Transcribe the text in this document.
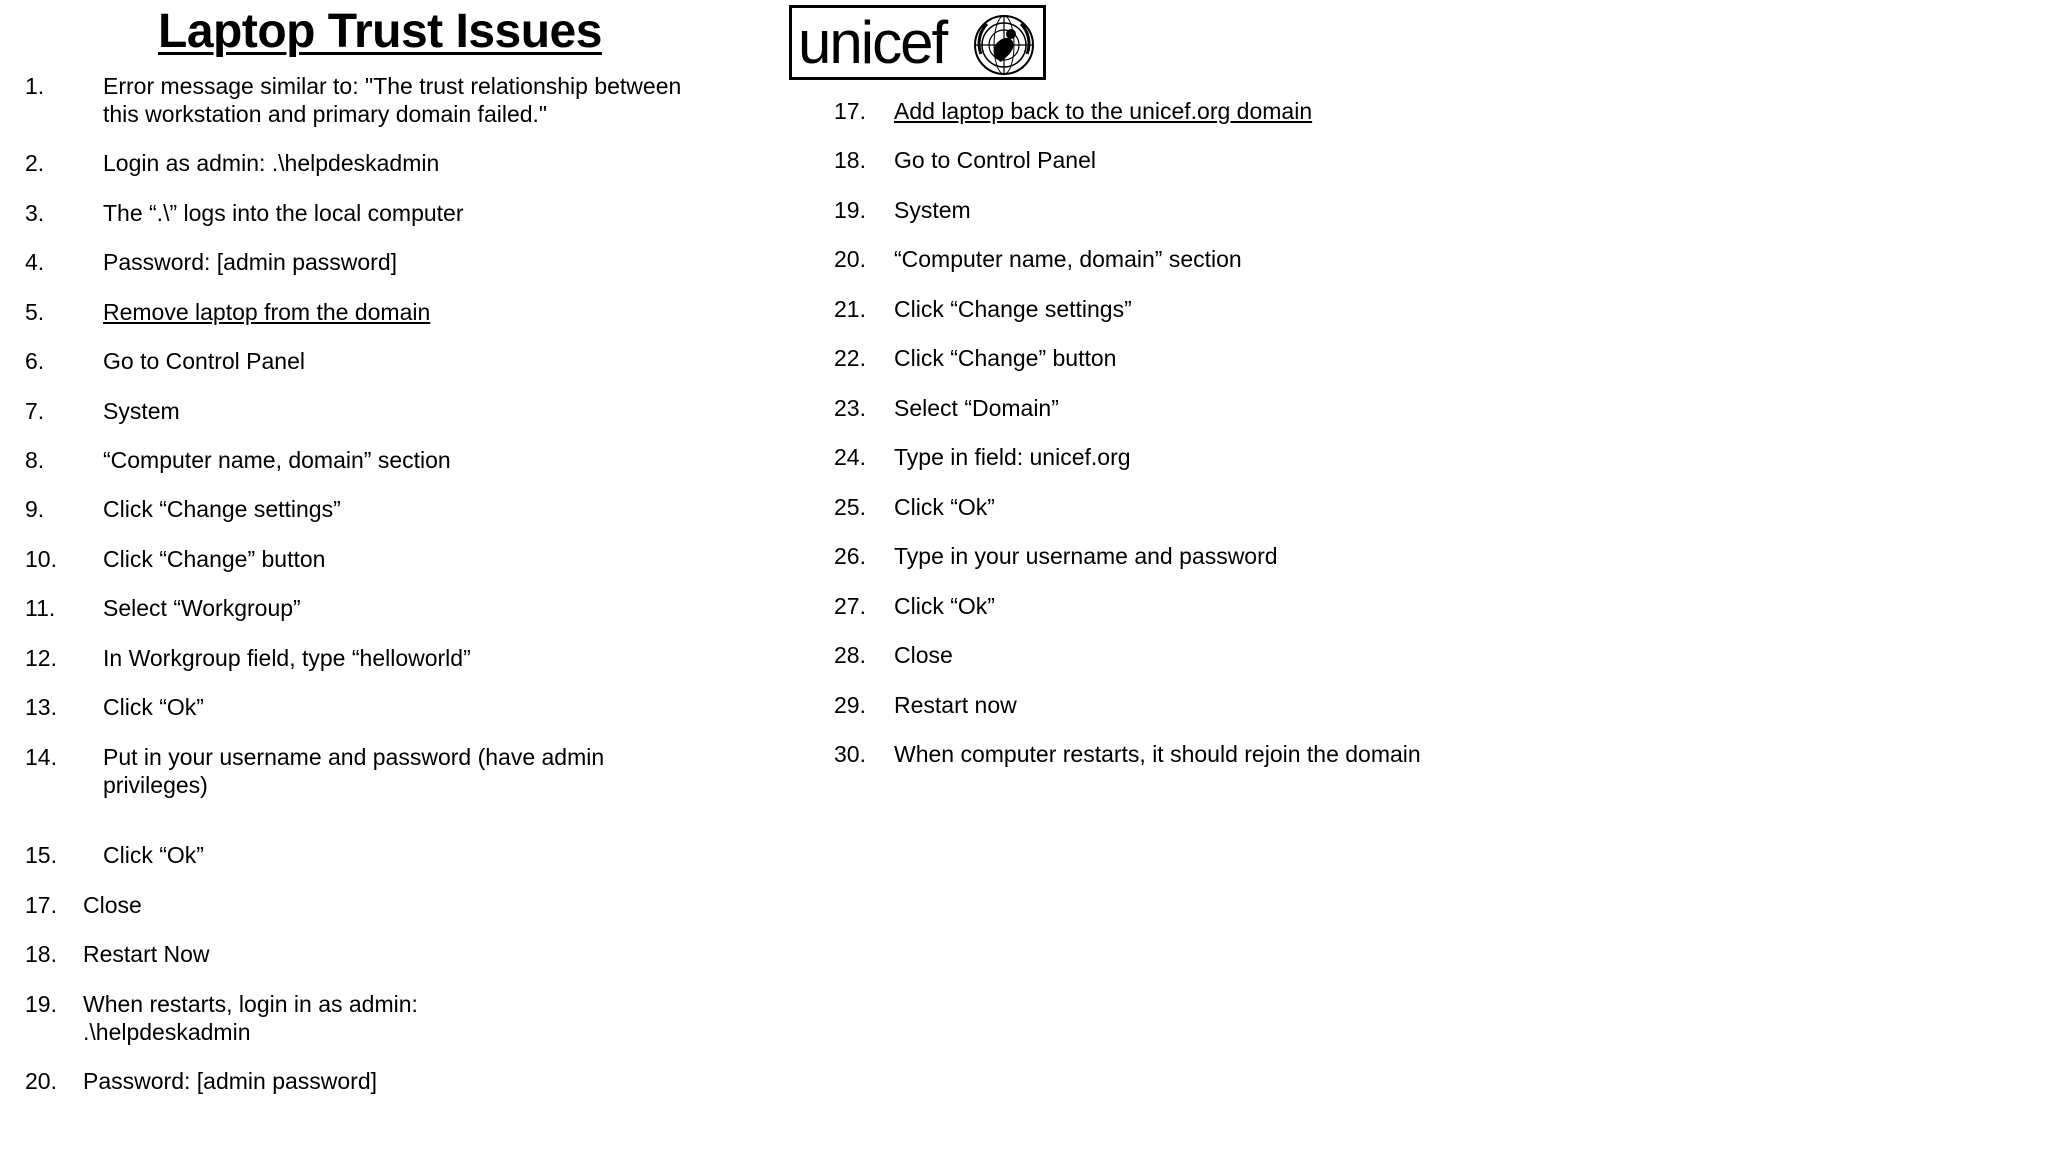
Laptop Trust Issues	unicef
1.	Error message similar to: "The trust relationship between
this workstation and primary domain failed."
2.	Login as admin: .\helpdeskadmin
3.	The “.\” logs into the local computer
4.	Password: [admin password]
5.	Remove laptop from the domain
6.	Go to Control Panel
7.	System
8.	“Computer name, domain” section
9.	Click “Change settings”
10. Click “Change” button
11. Select “Workgroup”
12. In Workgroup field, type “helloworld”
13. Click “Ok”
14. Put in your username and password (have admin
privileges)
15. Click “Ok”
17. Close
18. Restart Now
19. When restarts, login in as admin:
.\helpdeskadmin
20. Password: [admin password]
17. Add laptop back to the unicef.org domain
18. Go to Control Panel
19. System
20. “Computer name, domain” section
21. Click “Change settings”
22. Click “Change” button
23. Select “Domain”
24. Type in field: unicef.org
25. Click “Ok”
26. Type in your username and password
27. Click “Ok”
28. Close
29. Restart now
30. When computer restarts, it should rejoin the domain
